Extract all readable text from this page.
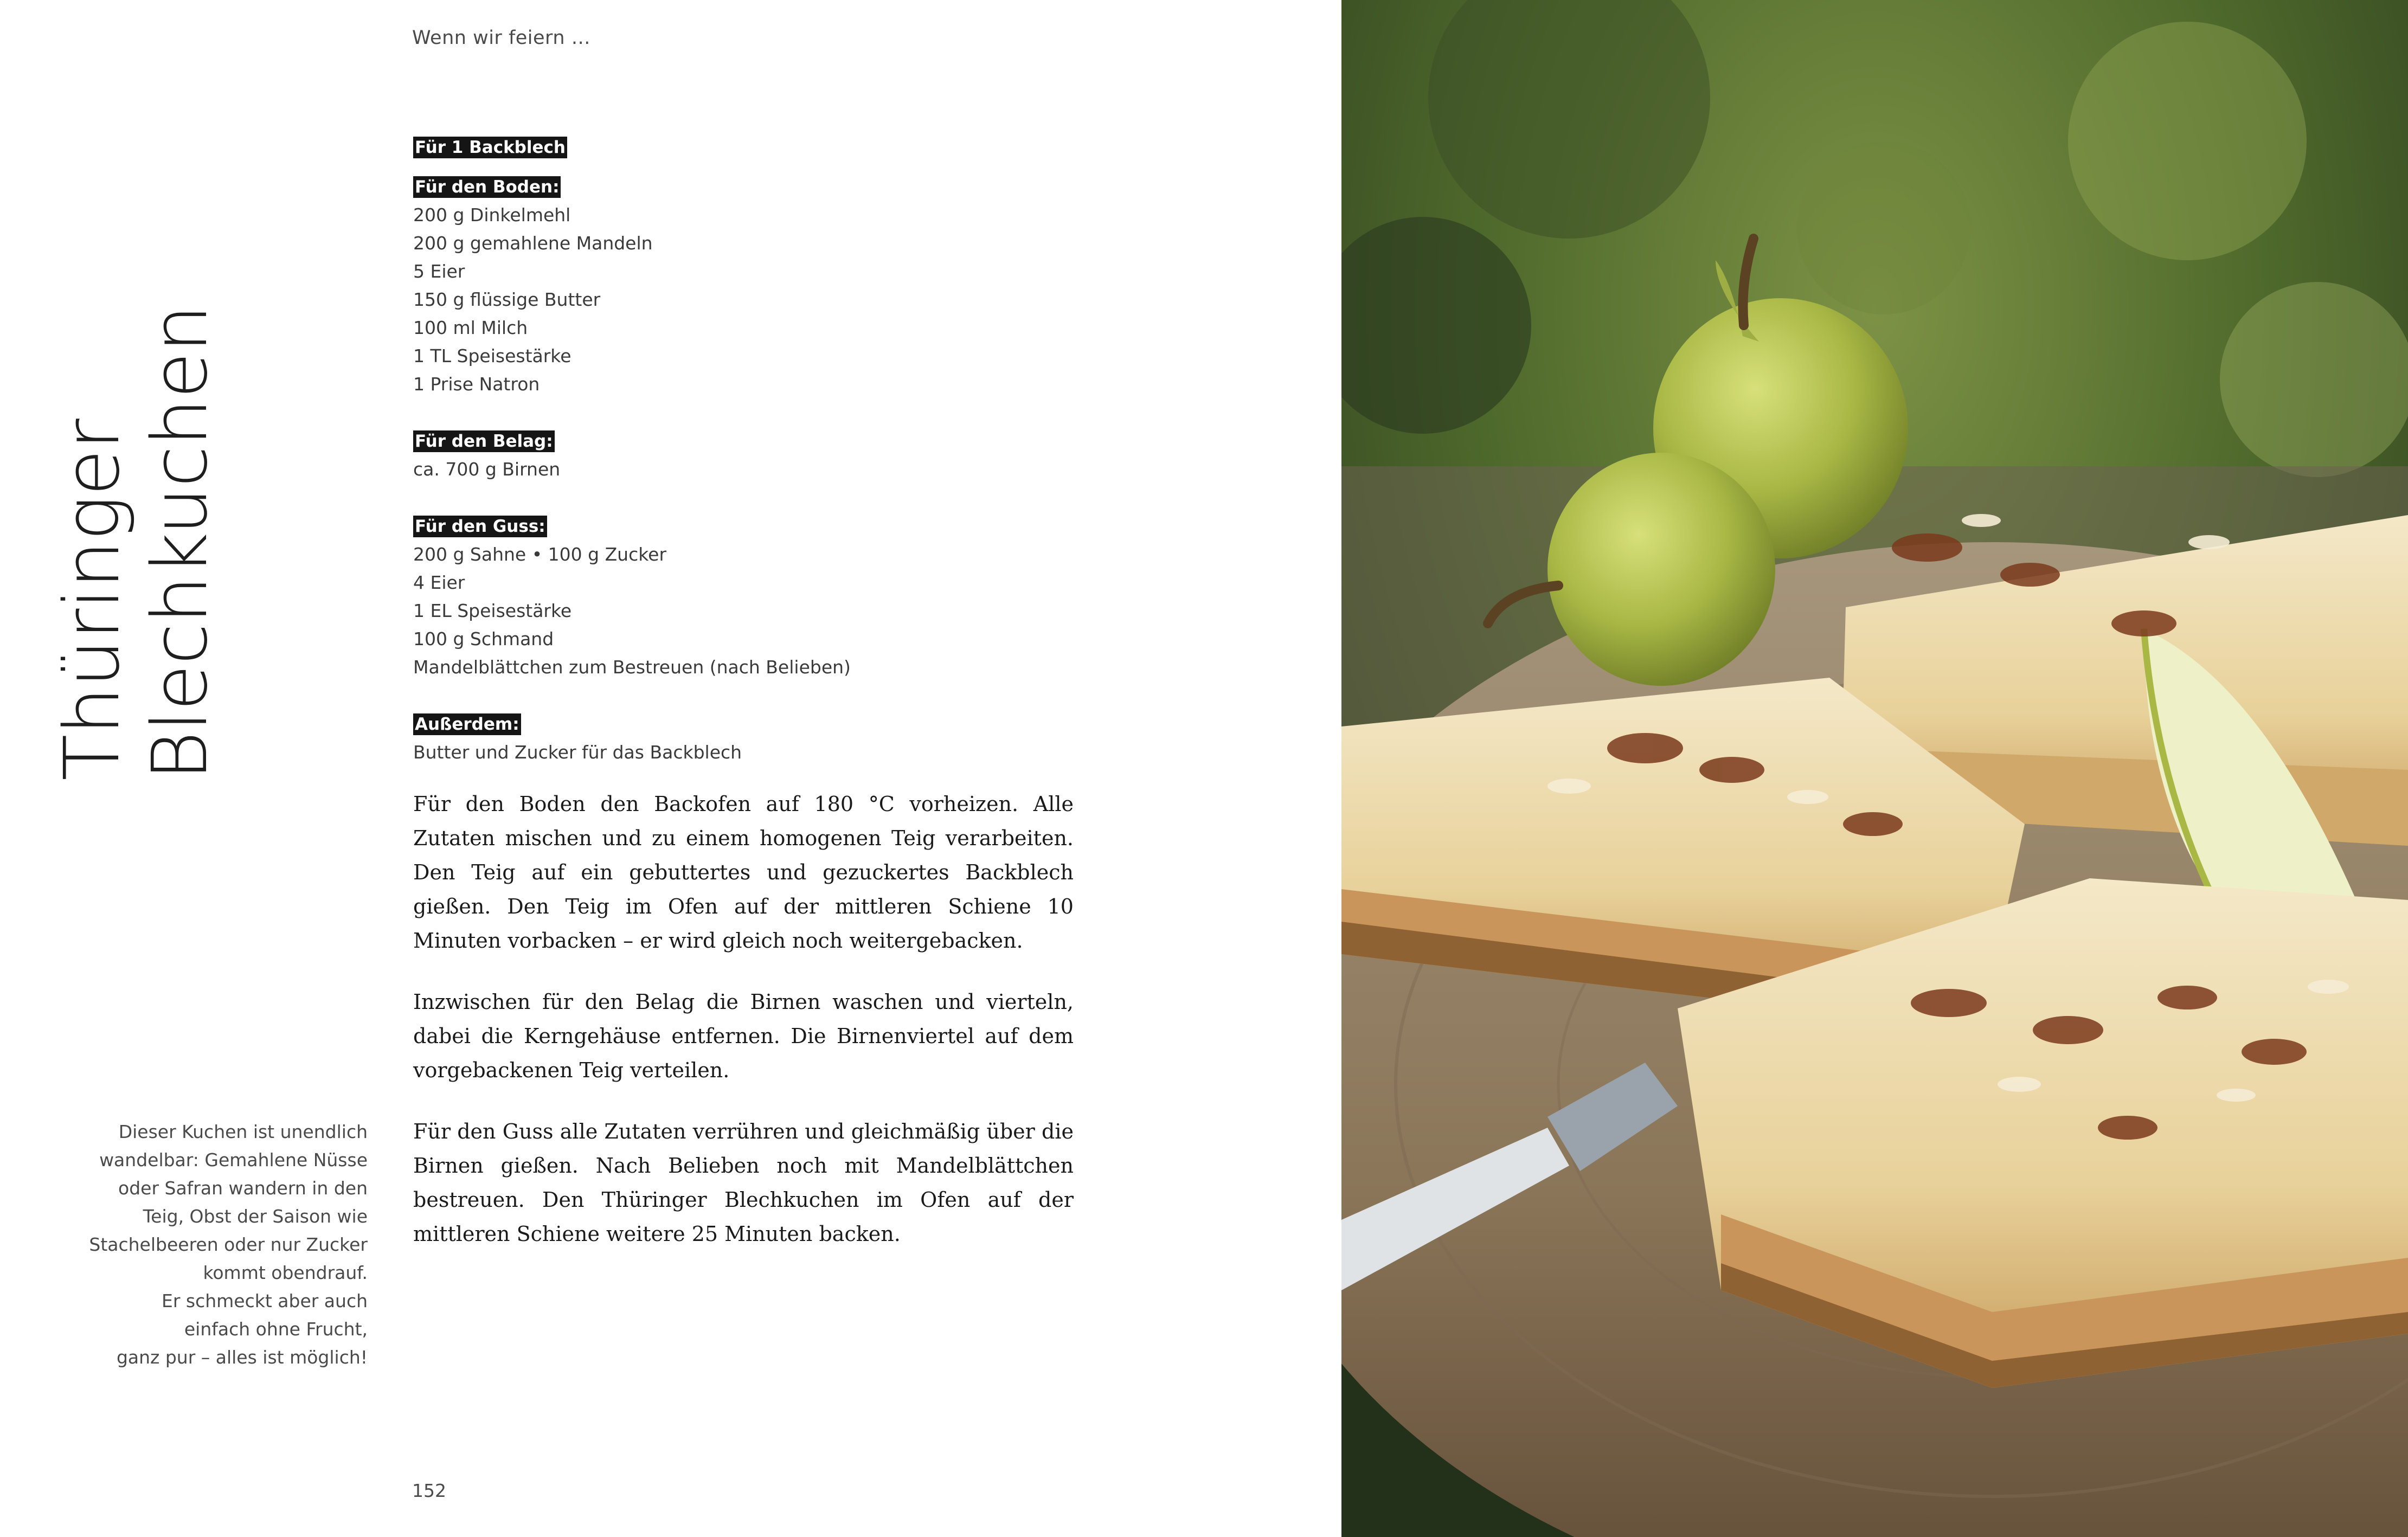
Wenn wir feiern …
Thüringer Blechkuchen
Für 1 Backblech
Für den Boden:
200 g Dinkelmehl
200 g gemahlene Mandeln
5 Eier
150 g flüssige Butter
100 ml Milch
1 TL Speisestärke
1 Prise Natron
Für den Belag:
ca. 700 g Birnen
Für den Guss:
200 g Sahne • 100 g Zucker
4 Eier
1 EL Speisestärke
100 g Schmand
Mandelblättchen zum Bestreuen (nach Belieben)
Außerdem:
Butter und Zucker für das Backblech

Für den Boden den Backofen auf 180 °C vorheizen. Alle Zutaten mischen und zu einem homogenen Teig verarbeiten. Den Teig auf ein gebuttertes und gezuckertes Backblech gießen. Den Teig im Ofen auf der mittleren Schiene 10 Minuten vorbacken – er wird gleich noch weitergebacken.

Inzwischen für den Belag die Birnen waschen und vierteln, dabei die Kerngehäuse entfernen. Die Birnenviertel auf dem vorgebackenen Teig verteilen.

Für den Guss alle Zutaten verrühren und gleichmäßig über die Birnen gießen. Nach Belieben noch mit Mandelblättchen bestreuen. Den Thüringer Blechkuchen im Ofen auf der mittleren Schiene weitere 25 Minuten backen.

Dieser Kuchen ist unendlich
wandelbar: Gemahlene Nüsse
oder Safran wandern in den
Teig, Obst der Saison wie
Stachelbeeren oder nur Zucker
kommt obendrauf.
Er schmeckt aber auch
einfach ohne Frucht,
ganz pur – alles ist möglich!
152
